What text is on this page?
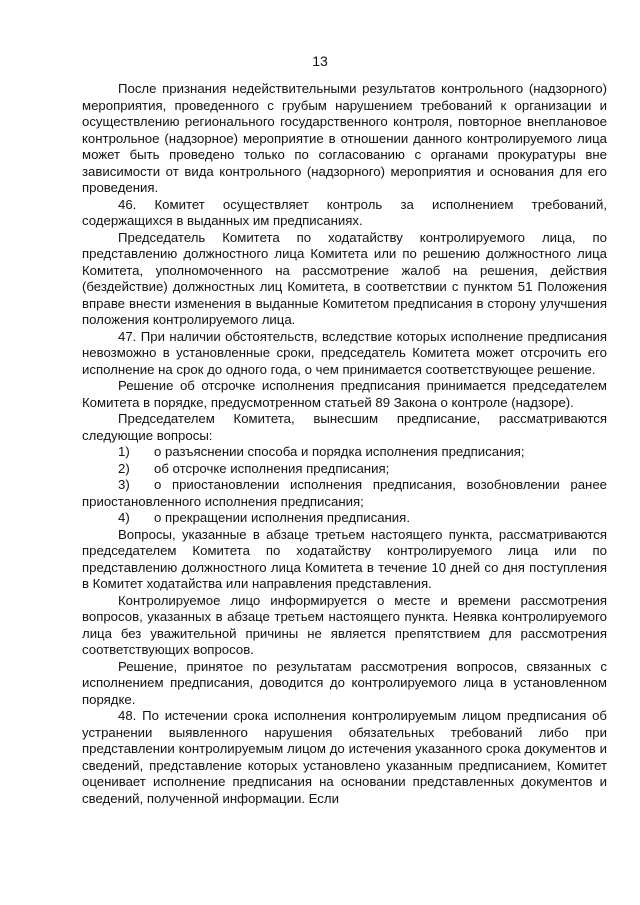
13

После признания недействительными результатов контрольного (надзорного) мероприятия, проведенного с грубым нарушением требований к организации и осуществлению регионального государственного контроля, повторное внеплановое контрольное (надзорное) мероприятие в отношении данного контролируемого лица может быть проведено только по согласованию с органами прокуратуры вне зависимости от вида контрольного (надзорного) мероприятия и основания для его проведения.

46. Комитет осуществляет контроль за исполнением требований, содержащихся в выданных им предписаниях.

Председатель Комитета по ходатайству контролируемого лица, по представлению должностного лица Комитета или по решению должностного лица Комитета, уполномоченного на рассмотрение жалоб на решения, действия (бездействие) должностных лиц Комитета, в соответствии с пунктом 51 Положения вправе внести изменения в выданные Комитетом предписания в сторону улучшения положения контролируемого лица.

47. При наличии обстоятельств, вследствие которых исполнение предписания невозможно в установленные сроки, председатель Комитета может отсрочить его исполнение на срок до одного года, о чем принимается соответствующее решение.

Решение об отсрочке исполнения предписания принимается председателем Комитета в порядке, предусмотренном статьей 89 Закона о контроле (надзоре).

Председателем Комитета, вынесшим предписание, рассматриваются следующие вопросы:

1) о разъяснении способа и порядка исполнения предписания;

2) об отсрочке исполнения предписания;

3) о приостановлении исполнения предписания, возобновлении ранее приостановленного исполнения предписания;

4) о прекращении исполнения предписания.

Вопросы, указанные в абзаце третьем настоящего пункта, рассматриваются председателем Комитета по ходатайству контролируемого лица или по представлению должностного лица Комитета в течение 10 дней со дня поступления в Комитет ходатайства или направления представления.

Контролируемое лицо информируется о месте и времени рассмотрения вопросов, указанных в абзаце третьем настоящего пункта. Неявка контролируемого лица без уважительной причины не является препятствием для рассмотрения соответствующих вопросов.

Решение, принятое по результатам рассмотрения вопросов, связанных с исполнением предписания, доводится до контролируемого лица в установленном порядке.

48. По истечении срока исполнения контролируемым лицом предписания об устранении выявленного нарушения обязательных требований либо при представлении контролируемым лицом до истечения указанного срока документов и сведений, представление которых установлено указанным предписанием, Комитет оценивает исполнение предписания на основании представленных документов и сведений, полученной информации. Если
